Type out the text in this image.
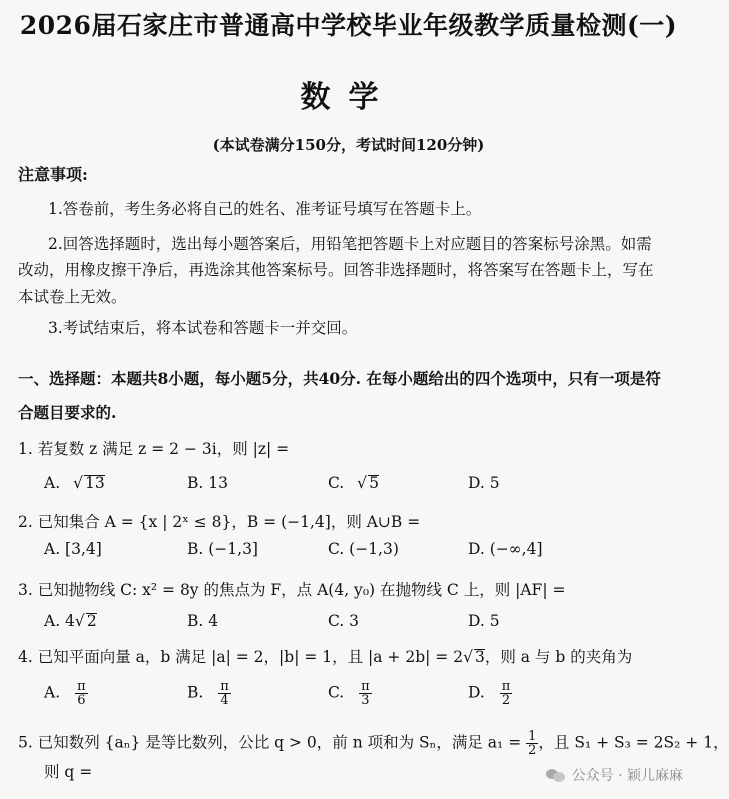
2026届石家庄市普通高中学校毕业年级教学质量检测(一)
数学
(本试卷满分150分，考试时间120分钟)
注意事项:
1.答卷前，考生务必将自己的姓名、准考证号填写在答题卡上。
2.回答选择题时，选出每小题答案后，用铅笔把答题卡上对应题目的答案标号涂黑。如需
改动，用橡皮擦干净后，再选涂其他答案标号。回答非选择题时，将答案写在答题卡上，写在
本试卷上无效。
3.考试结束后，将本试卷和答题卡一并交回。
一、选择题：本题共8小题，每小题5分，共40分. 在每小题给出的四个选项中，只有一项是符
合题目要求的.
1. 若复数 z 满足 z = 2 − 3i，则 |z| =
A. √ 13	B. 13	C. √ 5	D. 5
2. 已知集合 A = {x | 2ˣ ≤ 8}，B = (−1,4]，则 A∪B =
A. [3,4]	B. (−1,3]	C. (−1,3)	D. (−∞,4]
3. 已知抛物线 C: x² = 8y 的焦点为 F，点 A(4, y₀) 在抛物线 C 上，则 |AF| =
A. 4√ 2	B. 4	C. 3	D. 5
4. 已知平面向量 a，b 满足 |a| = 2，|b| = 1，且 |a + 2b| = 2√ 3，则 a 与 b 的夹角为
A. $\frac{\pi}{6}$	B. $\frac{\pi}{4}$	C. $\frac{\pi}{3}$	D. $\frac{\pi}{2}$
5. 已知数列 {aₙ} 是等比数列，公比 q > 0，前 n 项和为 Sₙ，满足 $a_1 = \frac{1}{2}$ ，且 S₁ + S₃ = 2S₂ + 1，
则 q =	公众号 · 颖儿麻麻
